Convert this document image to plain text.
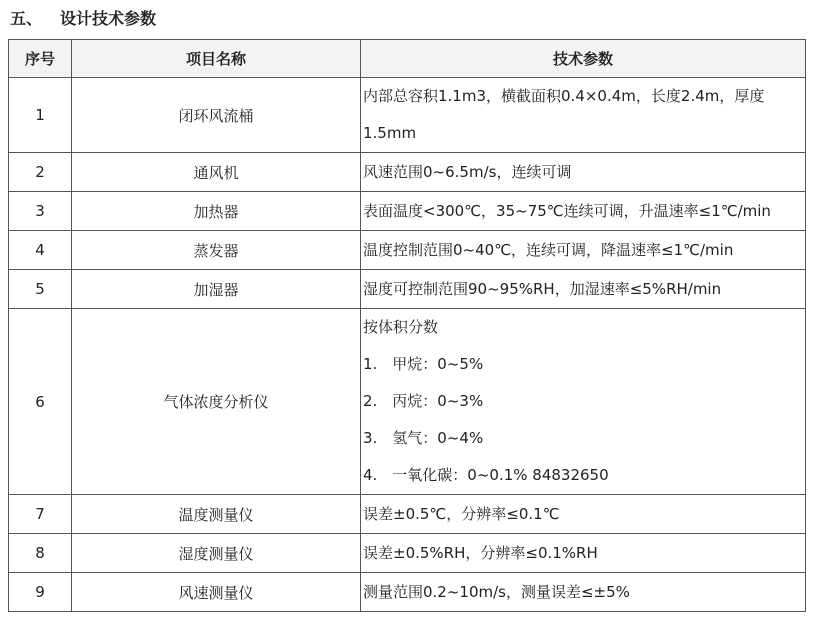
五、 设计技术参数
序号	项目名称	技术参数
1	闭环风流桶	内部总容积1.1m3，横截面积0.4×0.4m，长度2.4m，厚度
1.5mm

2	通风机	风速范围0~6.5m/s，连续可调

3	加热器	表面温度<300℃，35~75℃连续可调，升温速率≤1℃/min

4	蒸发器	温度控制范围0~40℃，连续可调，降温速率≤1℃/min

5	加湿器	湿度可控制范围90~95%RH，加湿速率≤5%RH/min

6	气体浓度分析仪	按体积分数
1.　甲烷：0~5%
2.　丙烷：0~3%
3.　氢气：0~4%
4.　一氧化碳：0~0.1% 84832650

7	温度测量仪	误差±0.5℃，分辨率≤0.1℃

8	湿度测量仪	误差±0.5%RH，分辨率≤0.1%RH

9	风速测量仪	测量范围0.2~10m/s，测量误差≤±5%
